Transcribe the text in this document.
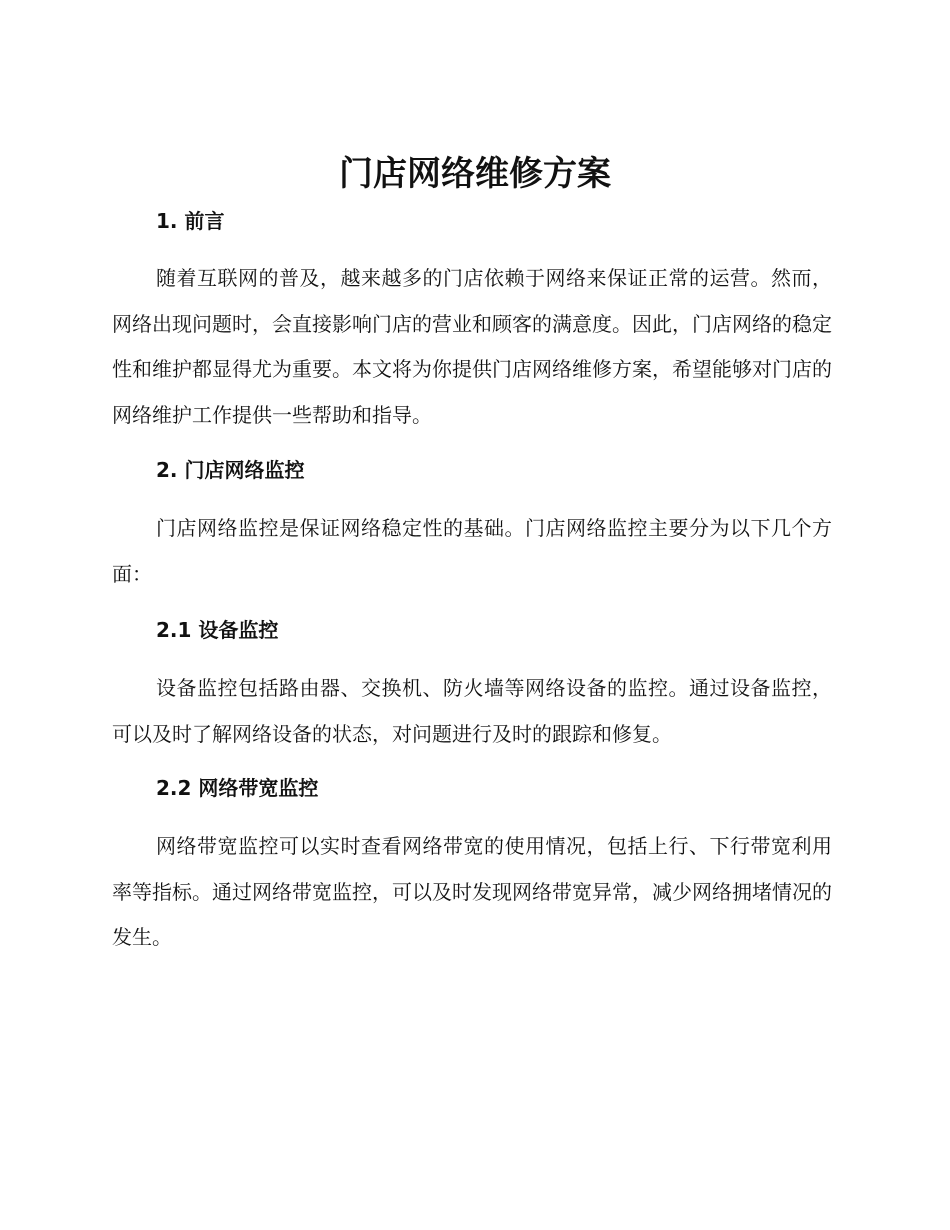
门店网络维修方案
1. 前言

随着互联网的普及，越来越多的门店依赖于网络来保证正常的运营。然而，网络出现问题时，会直接影响门店的营业和顾客的满意度。因此，门店网络的稳定性和维护都显得尤为重要。本文将为你提供门店网络维修方案，希望能够对门店的网络维护工作提供一些帮助和指导。

2. 门店网络监控

门店网络监控是保证网络稳定性的基础。门店网络监控主要分为以下几个方面：

2.1 设备监控

设备监控包括路由器、交换机、防火墙等网络设备的监控。通过设备监控，可以及时了解网络设备的状态，对问题进行及时的跟踪和修复。

2.2 网络带宽监控

网络带宽监控可以实时查看网络带宽的使用情况，包括上行、下行带宽利用率等指标。通过网络带宽监控，可以及时发现网络带宽异常，减少网络拥堵情况的发生。
